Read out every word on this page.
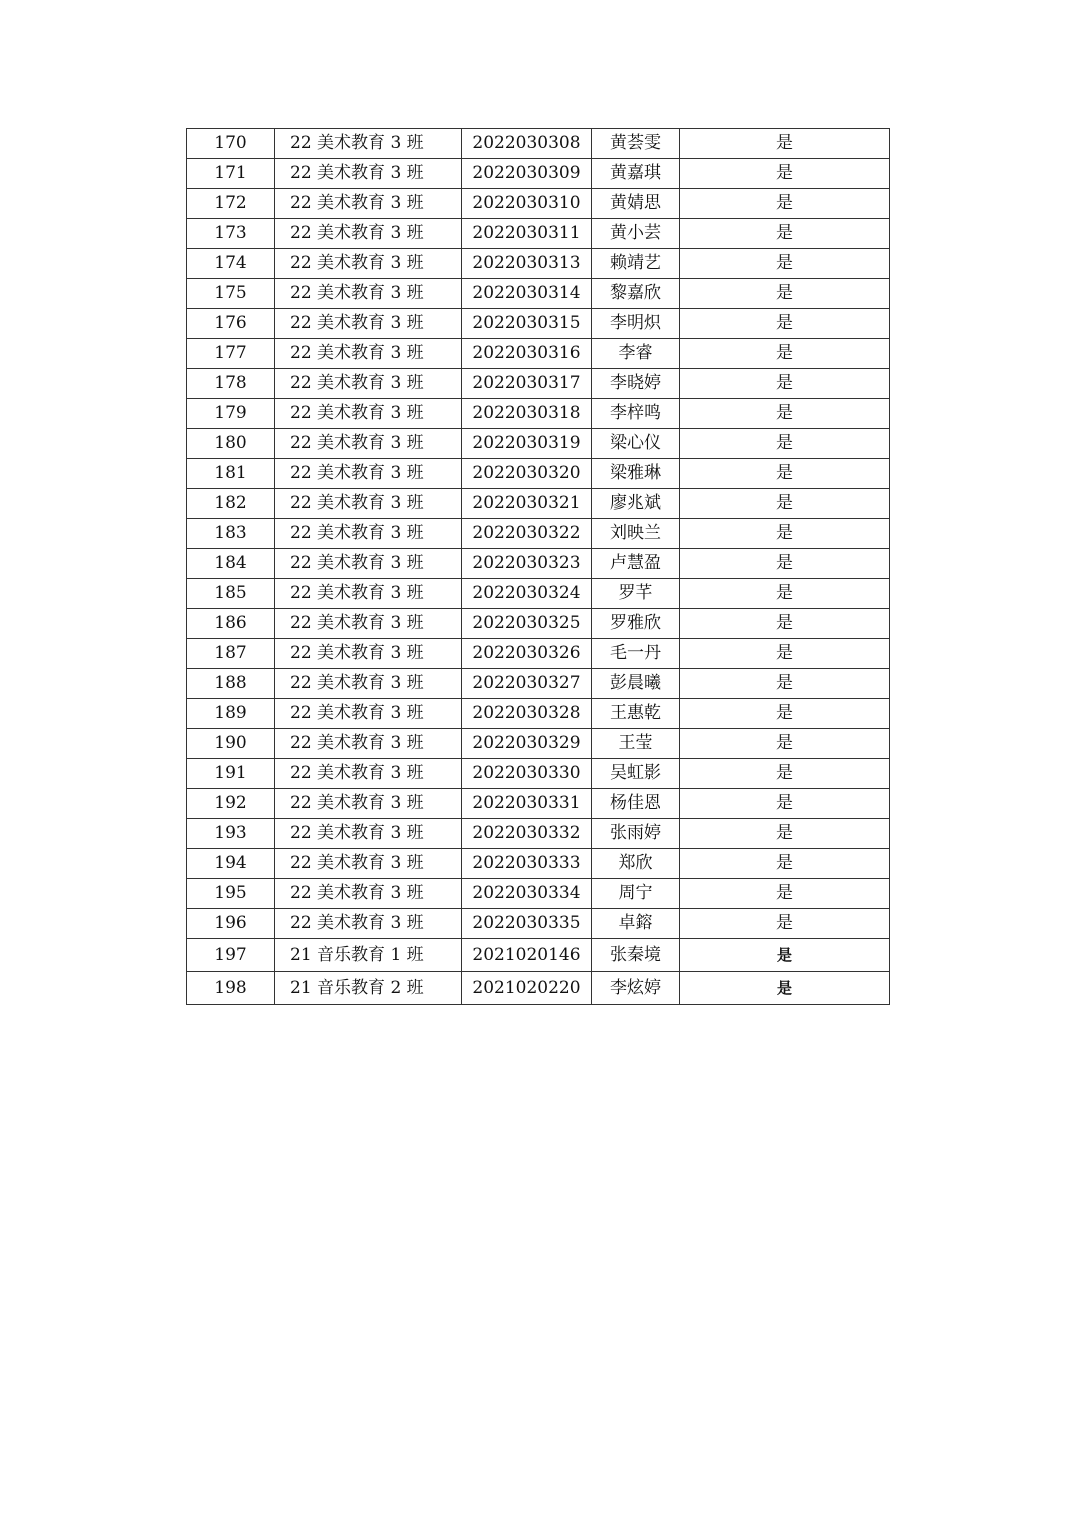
170	22 美术教育 3 班	2022030308	黄荟雯	是
171	22 美术教育 3 班	2022030309	黄嘉琪	是
172	22 美术教育 3 班	2022030310	黄婧思	是
173	22 美术教育 3 班	2022030311	黄小芸	是
174	22 美术教育 3 班	2022030313	赖靖艺	是
175	22 美术教育 3 班	2022030314	黎嘉欣	是
176	22 美术教育 3 班	2022030315	李明炽	是
177	22 美术教育 3 班	2022030316	李睿	是
178	22 美术教育 3 班	2022030317	李晓婷	是
179	22 美术教育 3 班	2022030318	李梓鸣	是
180	22 美术教育 3 班	2022030319	梁心仪	是
181	22 美术教育 3 班	2022030320	梁雅琳	是
182	22 美术教育 3 班	2022030321	廖兆斌	是
183	22 美术教育 3 班	2022030322	刘映兰	是
184	22 美术教育 3 班	2022030323	卢慧盈	是
185	22 美术教育 3 班	2022030324	罗芊	是
186	22 美术教育 3 班	2022030325	罗雅欣	是
187	22 美术教育 3 班	2022030326	毛一丹	是
188	22 美术教育 3 班	2022030327	彭晨曦	是
189	22 美术教育 3 班	2022030328	王惠乾	是
190	22 美术教育 3 班	2022030329	王莹	是
191	22 美术教育 3 班	2022030330	吴虹影	是
192	22 美术教育 3 班	2022030331	杨佳恩	是
193	22 美术教育 3 班	2022030332	张雨婷	是
194	22 美术教育 3 班	2022030333	郑欣	是
195	22 美术教育 3 班	2022030334	周宁	是
196	22 美术教育 3 班	2022030335	卓鎔	是
197	21 音乐教育 1 班	2021020146	张秦境	是
198	21 音乐教育 2 班	2021020220	李炫婷	是
